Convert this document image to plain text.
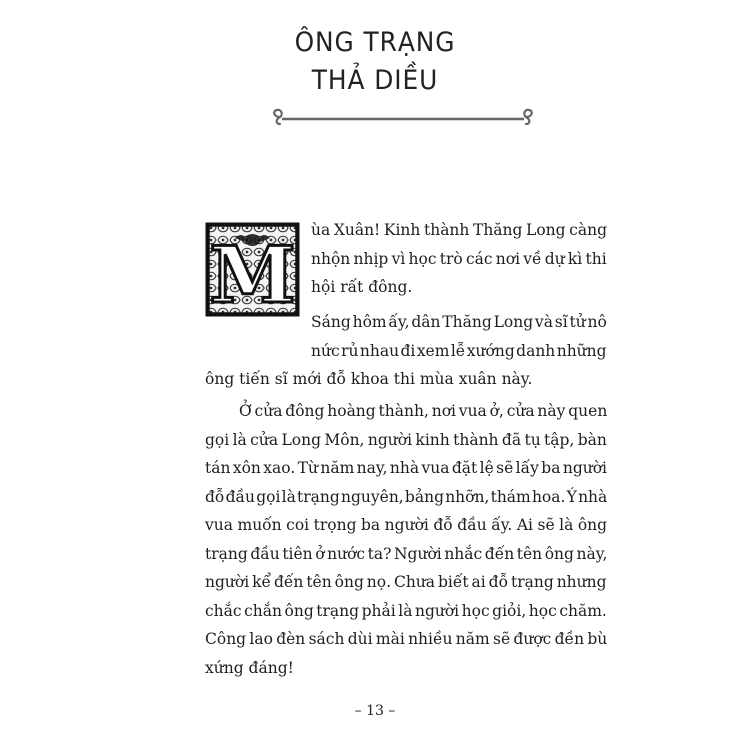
ÔNG TRẠNG
THẢ DIỀU
M ùa Xuân! Kinh thành Thăng Long càng
nhộn nhịp vì học trò các nơi về dự kì thi
hội rất đông.

Sáng hôm ấy, dân Thăng Long và sĩ tử nô
nức rủ nhau đi xem lễ xướng danh những

ông tiến sĩ mới đỗ khoa thi mùa xuân này.

Ở cửa đông hoàng thành, nơi vua ở, cửa này quen
gọi là cửa Long Môn, người kinh thành đã tụ tập, bàn
tán xôn xao. Từ năm nay, nhà vua đặt lệ sẽ lấy ba người
đỗ đầu gọi là trạng nguyên, bảng nhỡn, thám hoa. Ý nhà
vua muốn coi trọng ba người đỗ đầu ấy. Ai sẽ là ông
trạng đầu tiên ở nước ta? Người nhắc đến tên ông này,
người kể đến tên ông nọ. Chưa biết ai đỗ trạng nhưng
chắc chắn ông trạng phải là người học giỏi, học chăm.
Công lao đèn sách dùi mài nhiều năm sẽ được đền bù
xứng đáng!

– 13 –
